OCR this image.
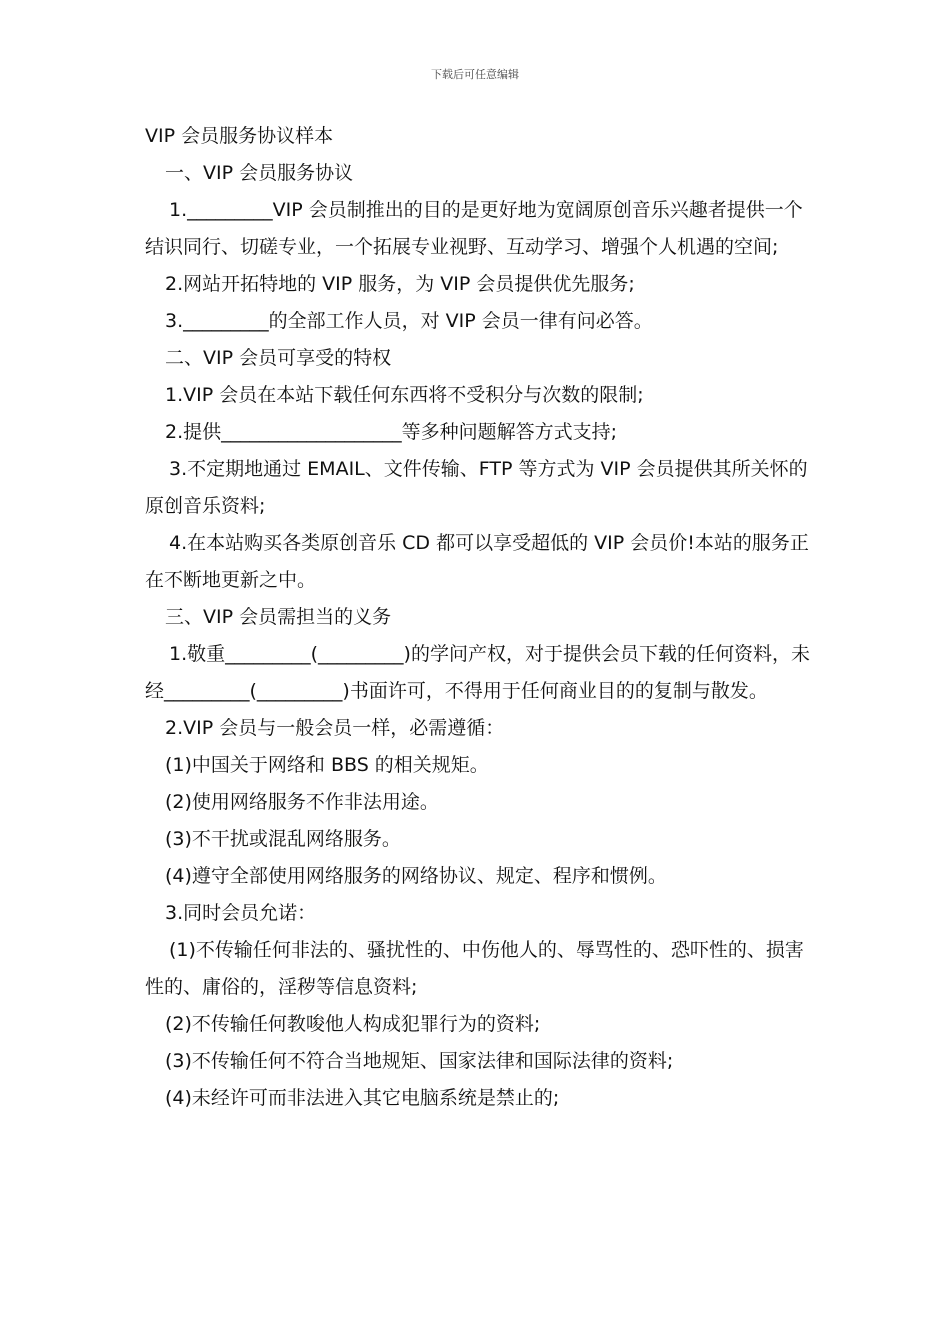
下载后可任意编辑

VIP 会员服务协议样本

一、VIP 会员服务协议

1._________VIP 会员制推出的目的是更好地为宽阔原创音乐兴趣者提供一个结识同行、切磋专业，一个拓展专业视野、互动学习、增强个人机遇的空间;

2.网站开拓特地的 VIP 服务，为 VIP 会员提供优先服务;

3._________的全部工作人员，对 VIP 会员一律有问必答。

二、VIP 会员可享受的特权

1.VIP 会员在本站下载任何东西将不受积分与次数的限制;

2.提供___________________等多种问题解答方式支持;

3.不定期地通过 EMAIL、文件传输、FTP 等方式为 VIP 会员提供其所关怀的原创音乐资料;

4.在本站购买各类原创音乐 CD 都可以享受超低的 VIP 会员价!本站的服务正在不断地更新之中。

三、VIP 会员需担当的义务

1.敬重_________(_________)的学问产权，对于提供会员下载的任何资料，未经_________(_________)书面许可，不得用于任何商业目的的复制与散发。

2.VIP 会员与一般会员一样，必需遵循：

(1)中国关于网络和 BBS 的相关规矩。

(2)使用网络服务不作非法用途。

(3)不干扰或混乱网络服务。

(4)遵守全部使用网络服务的网络协议、规定、程序和惯例。

3.同时会员允诺：

(1)不传输任何非法的、骚扰性的、中伤他人的、辱骂性的、恐吓性的、损害性的、庸俗的，淫秽等信息资料;

(2)不传输任何教唆他人构成犯罪行为的资料;

(3)不传输任何不符合当地规矩、国家法律和国际法律的资料;

(4)未经许可而非法进入其它电脑系统是禁止的;
